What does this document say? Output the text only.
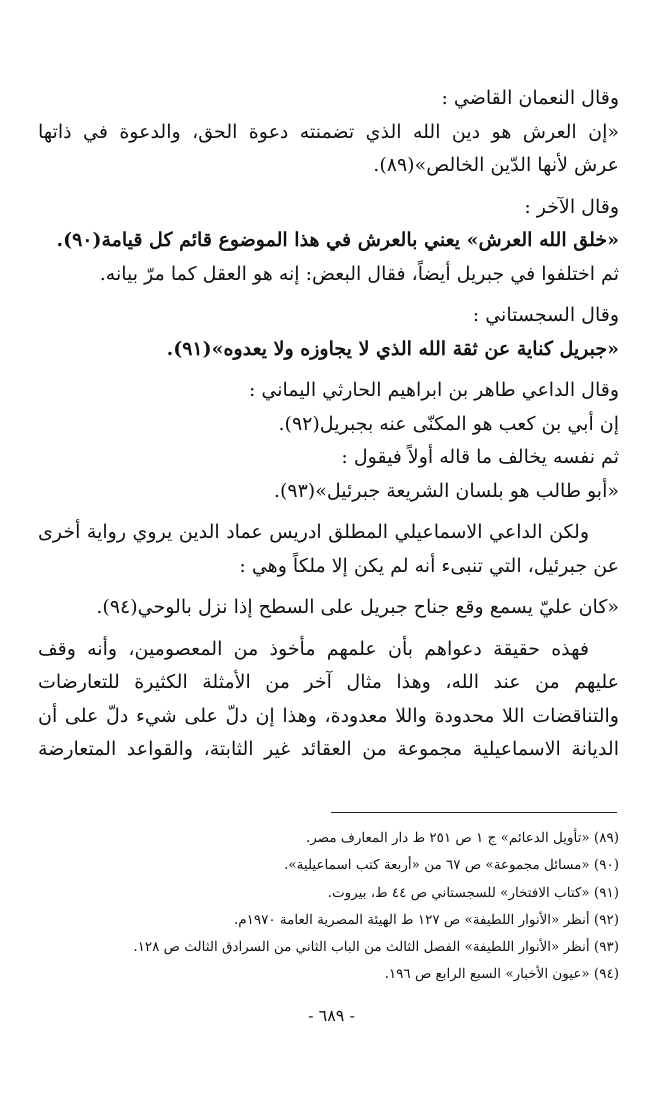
وقال النعمان القاضي :
«إن العرش هو دين الله الذي تضمنته دعوة الحق، والدعوة في ذاتها
عرش لأنها الدّين الخالص»(٨٩).
وقال الآخر :
«خلق الله العرش» يعني بالعرش في هذا الموضوع قائم كل قيامة(٩٠).
ثم اختلفوا في جبريل أيضاً، فقال البعض: إنه هو العقل كما مرّ بيانه.
وقال السجستاني :
«جبريل كناية عن ثقة الله الذي لا يجاوزه ولا يعدوه»(٩١).
وقال الداعي طاهر بن ابراهيم الحارثي اليماني :
إن أبي بن كعب هو المكنّى عنه بجبريل(٩٢).
ثم نفسه يخالف ما قاله أولاً فيقول :
«أبو طالب هو بلسان الشريعة جبرئيل»(٩٣).
ولكن الداعي الاسماعيلي المطلق ادريس عماد الدين يروي رواية أخرى
عن جبرئيل، التي تنبىء أنه لم يكن إلا ملكاً وهي :
«كان عليّ يسمع وقع جناح جبريل على السطح إذا نزل بالوحي(٩٤).
فهذه حقيقة دعواهم بأن علمهم مأخوذ من المعصومين، وأنه وقف
عليهم من عند الله، وهذا مثال آخر من الأمثلة الكثيرة للتعارضات
والتناقضات اللا محدودة واللا معدودة، وهذا إن دلّ على شيء دلّ على أن
الديانة الاسماعيلية مجموعة من العقائد غير الثابتة، والقواعد المتعارضة
(٨٩) «تأويل الدعائم» ج ١ ص ٢٥١ ط دار المعارف مصر.
(٩٠) «مسائل مجموعة» ص ٦٧ من «أربعة كتب اسماعيلية».
(٩١) «كتاب الافتخار» للسجستاني ص ٤٤ ط، بيروت.
(٩٢) أنظر «الأنوار اللطيفة» ص ١٢٧ ط الهيئة المصرية العامة ١٩٧٠م.
(٩٣) أنظر «الأنوار اللطيفة» الفصل الثالث من الباب الثاني من السرادق الثالث ص ١٢٨.
(٩٤) «عيون الأخبار» السبع الرابع ص ١٩٦.
- ٦٨٩ -
